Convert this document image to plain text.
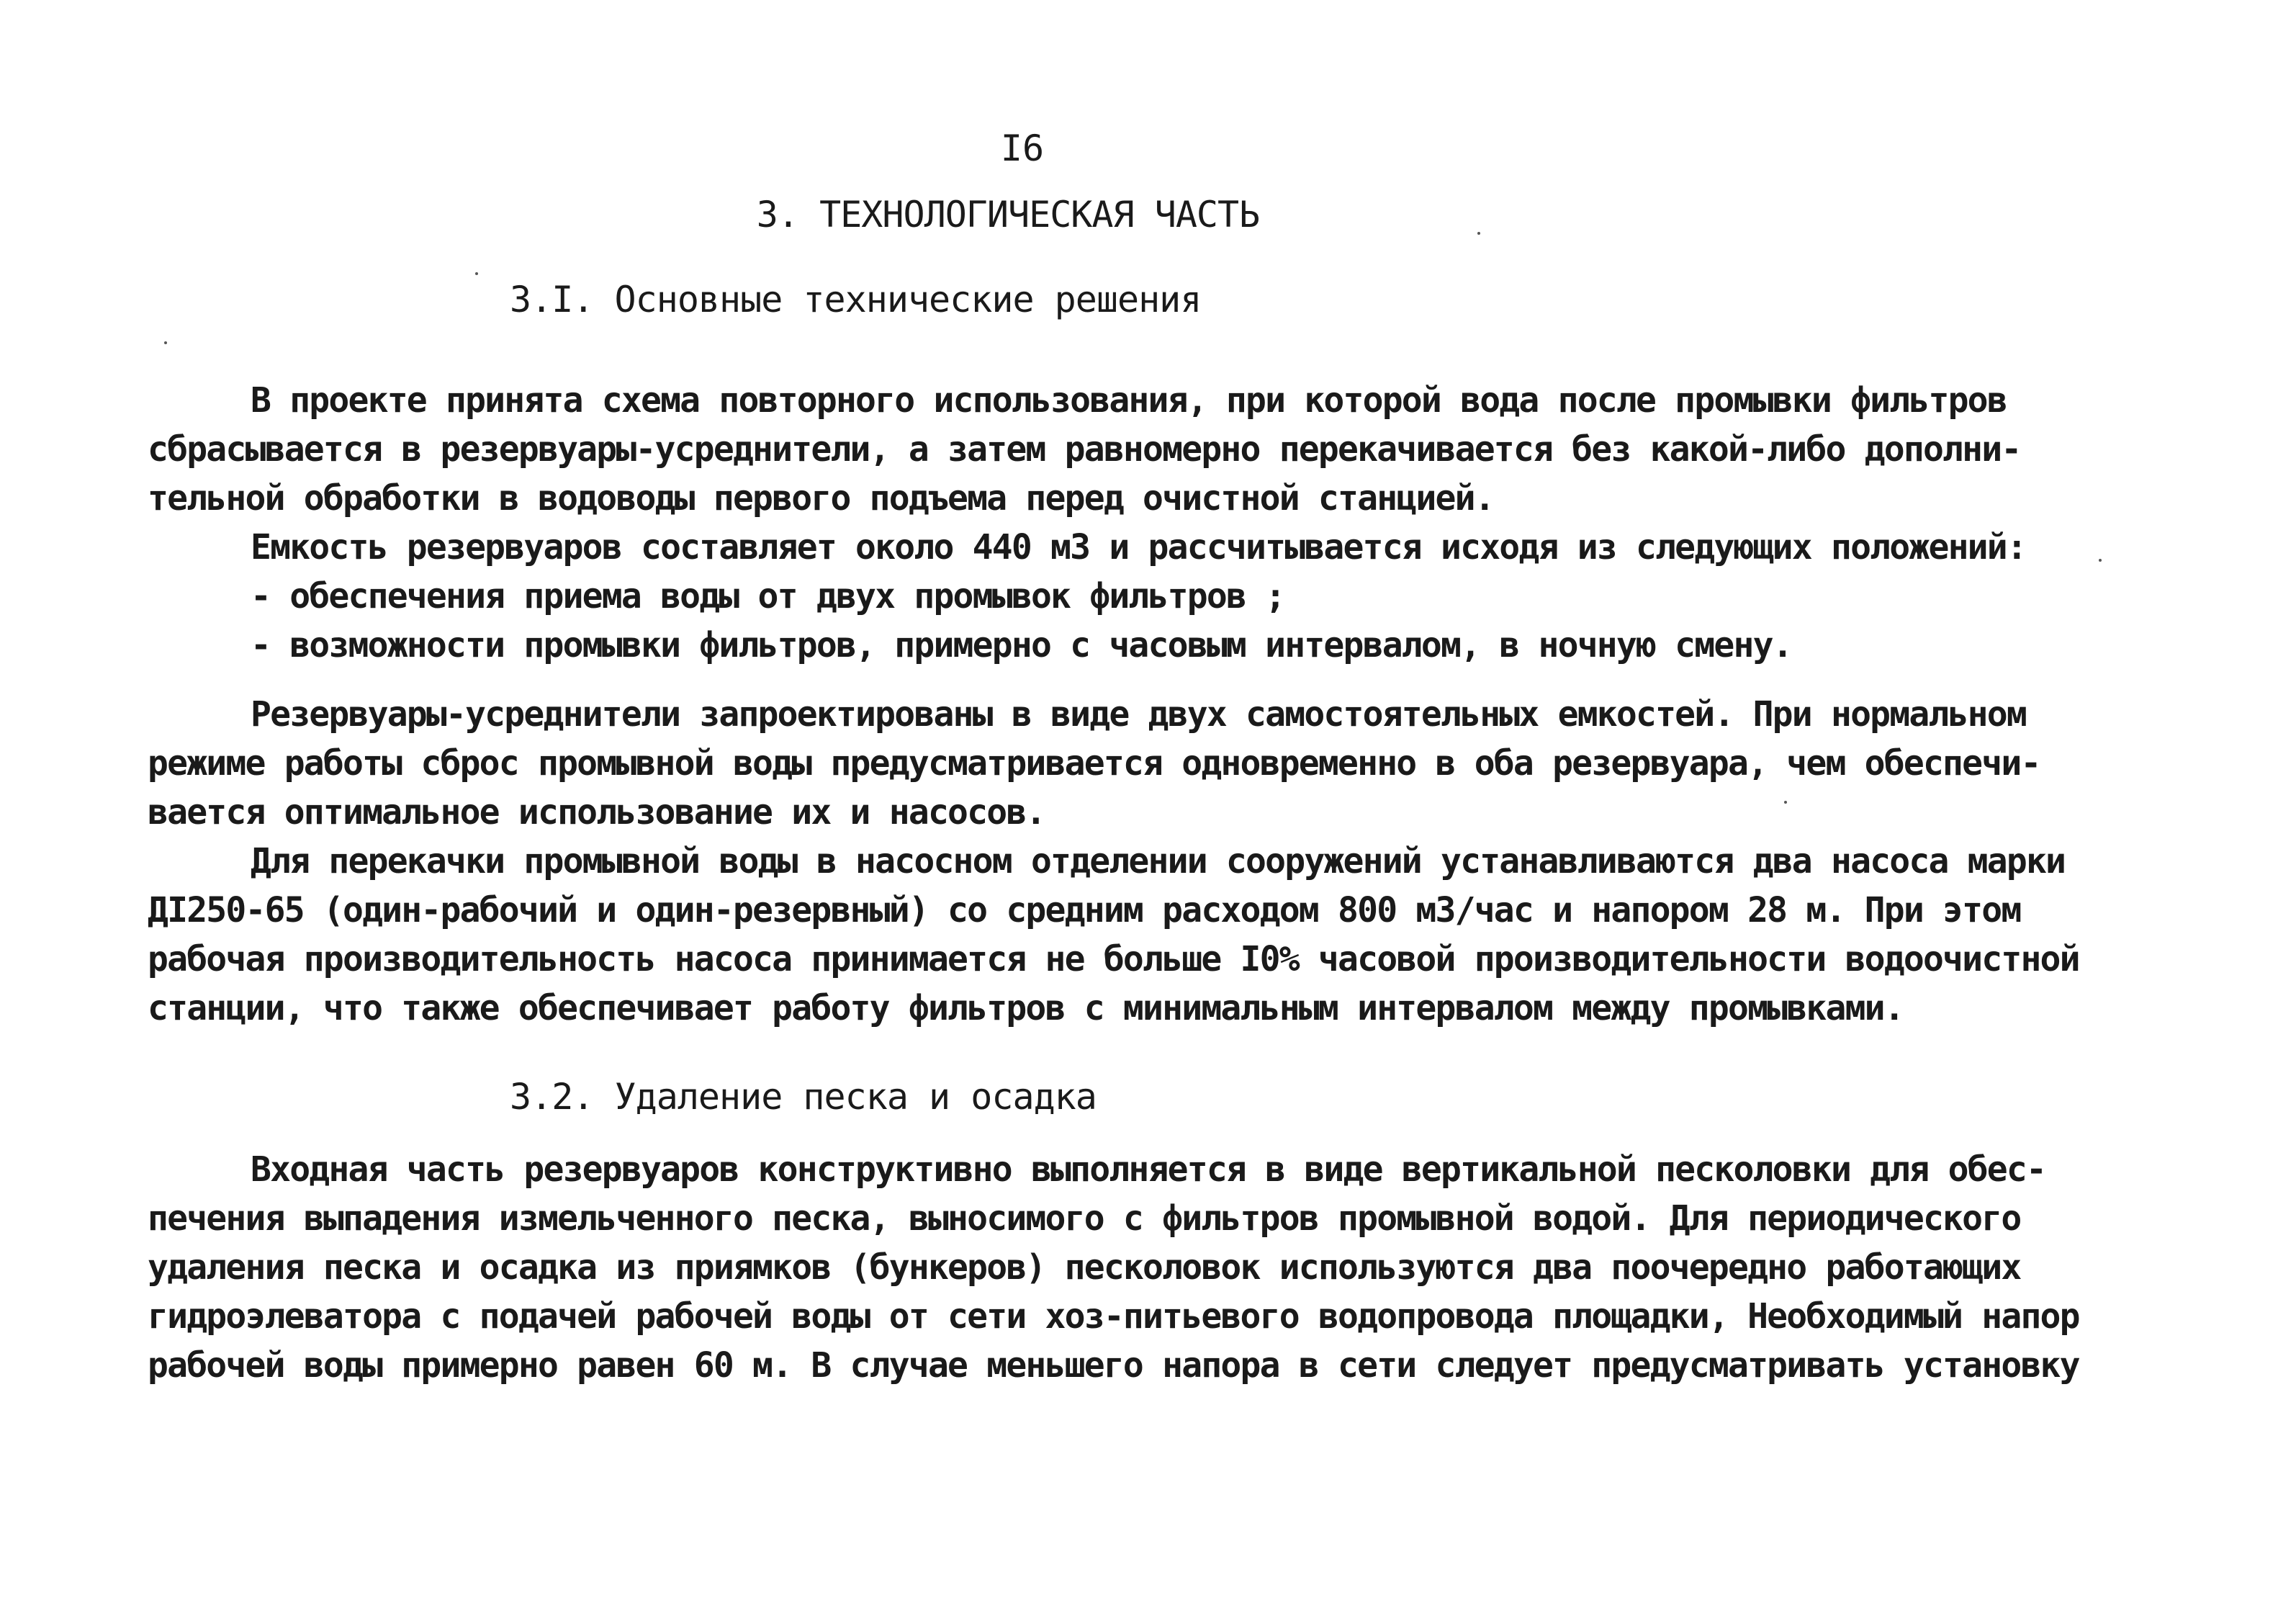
I6
3. ТЕХНОЛОГИЧЕСКАЯ ЧАСТЬ
3.I. Основные технические решения

В проекте принята схема повторного использования, при которой вода после промывки фильтров
сбрасывается в резервуары-усреднители, а затем равномерно перекачивается без какой-либо дополни-
тельной обработки в водоводы первого подъема перед очистной станцией.

Емкость резервуаров составляет около 440 м3 и рассчитывается исходя из следующих положений:

- обеспечения приема воды от двух промывок фильтров ;

- возможности промывки фильтров, примерно с часовым интервалом, в ночную смену.

Резервуары-усреднители запроектированы в виде двух самостоятельных емкостей. При нормальном
режиме работы сброс промывной воды предусматривается одновременно в оба резервуара, чем обеспечи-
вается оптимальное использование их и насосов.

Для перекачки промывной воды в насосном отделении сооружений устанавливаются два насоса марки
ДI250-65 (один-рабочий и один-резервный) со средним расходом 800 м3/час и напором 28 м. При этом
рабочая производительность насоса принимается не больше I0% часовой производительности водоочистной
станции, что также обеспечивает работу фильтров с минимальным интервалом между промывками.

3.2. Удаление песка и осадка

Входная часть резервуаров конструктивно выполняется в виде вертикальной песколовки для обес-
печения выпадения измельченного песка, выносимого с фильтров промывной водой. Для периодического
удаления песка и осадка из приямков (бункеров) песколовок используются два поочередно работающих
гидроэлеватора с подачей рабочей воды от сети хоз-питьевого водопровода площадки, Необходимый напор
рабочей воды примерно равен 60 м. В случае меньшего напора в сети следует предусматривать установку
